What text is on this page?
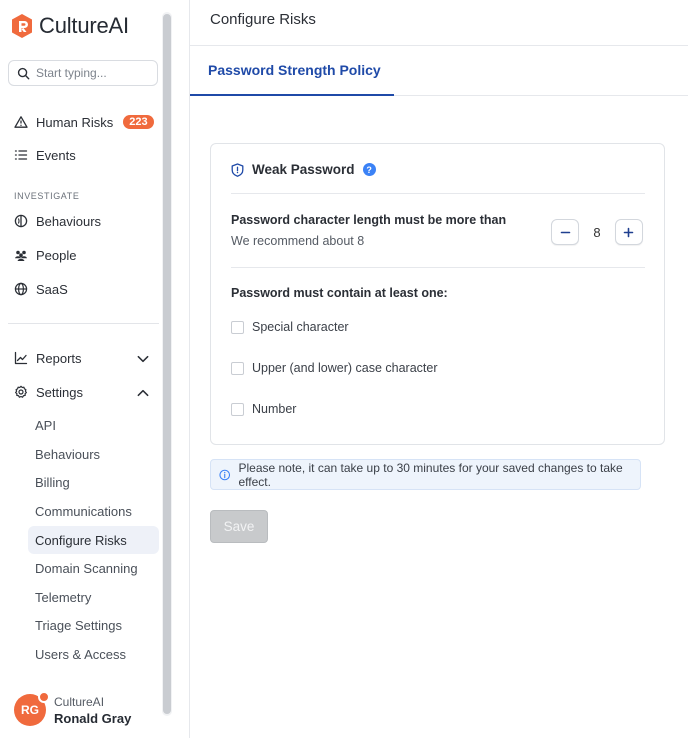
CultureAI
Start typing...
Human Risks	223
Events
INVESTIGATE
Behaviours
People
SaaS
Reports
Settings
API
Behaviours
Billing
Communications
Configure Risks
Domain Scanning
Telemetry
Triage Settings
Users & Access
RG
CultureAI
Ronald Gray
Configure Risks
Password Strength Policy
Weak Password	?
Password character length must be more than
We recommend about 8
8
Password must contain at least one:
Special character
Upper (and lower) case character
Number
Please note, it can take up to 30 minutes for your saved changes to take effect.
Save
